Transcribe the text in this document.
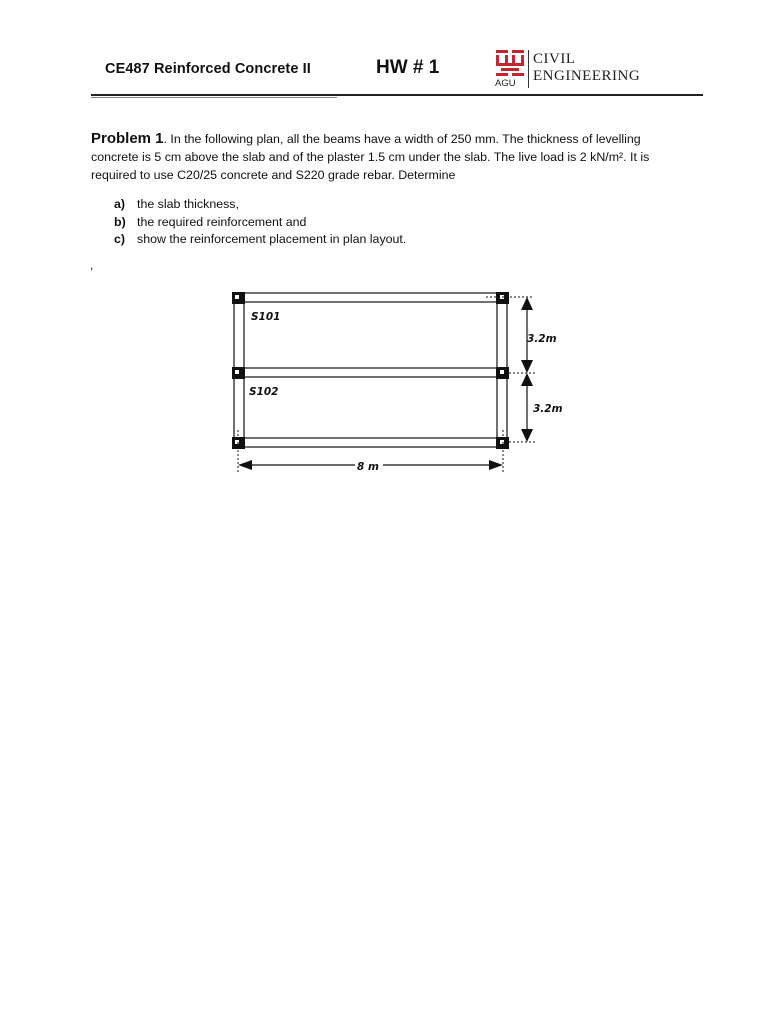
CE487 Reinforced Concrete II	HW # 1	CIVIL
ENGINEERING
AGU
Problem 1. In the following plan, all the beams have a width of 250 mm. The thickness of levelling concrete is 5 cm above the slab and of the plaster 1.5 cm under the slab. The live load is 2 kN/m². It is required to use C20/25 concrete and S220 grade rebar. Determine
a) the slab thickness,
b) the required reinforcement and
c) show the reinforcement placement in plan layout.
,
S101
S102
3.2m
3.2m
8 m
